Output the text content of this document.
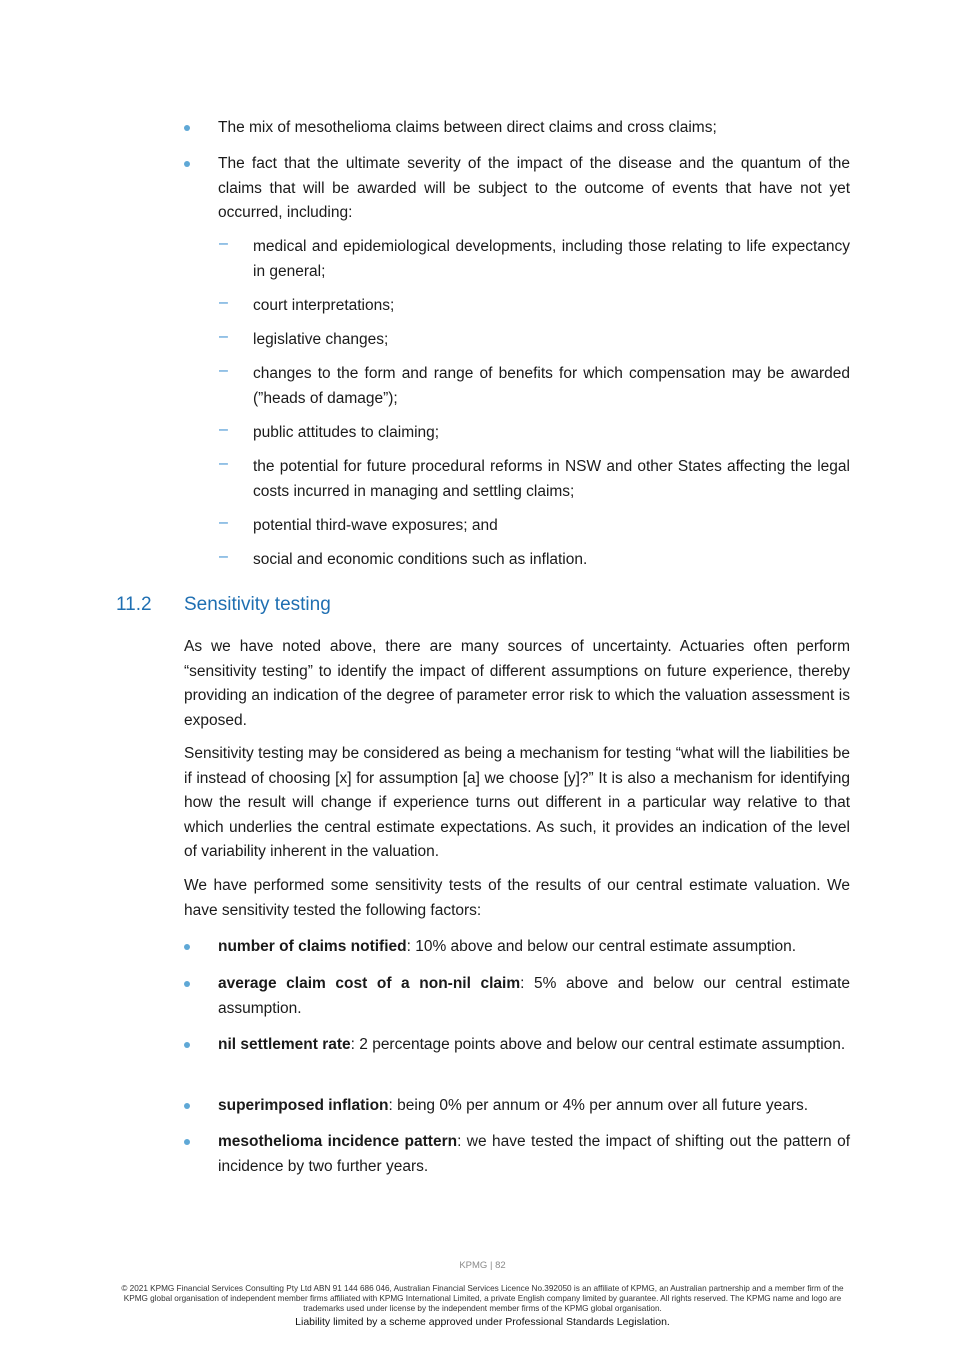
The mix of mesothelioma claims between direct claims and cross claims;

The fact that the ultimate severity of the impact of the disease and the quantum of the claims that will be awarded will be subject to the outcome of events that have not yet occurred, including:

– medical and epidemiological developments, including those relating to life expectancy in general;

– court interpretations;

– legislative changes;

– changes to the form and range of benefits for which compensation may be awarded (”heads of damage”);

– public attitudes to claiming;

– the potential for future procedural reforms in NSW and other States affecting the legal costs incurred in managing and settling claims;

– potential third-wave exposures; and

– social and economic conditions such as inflation.

11.2 Sensitivity testing

As we have noted above, there are many sources of uncertainty. Actuaries often perform “sensitivity testing” to identify the impact of different assumptions on future experience, thereby providing an indication of the degree of parameter error risk to which the valuation assessment is exposed.

Sensitivity testing may be considered as being a mechanism for testing “what will the liabilities be if instead of choosing [x] for assumption [a] we choose [y]?” It is also a mechanism for identifying how the result will change if experience turns out different in a particular way relative to that which underlies the central estimate expectations. As such, it provides an indication of the level of variability inherent in the valuation.

We have performed some sensitivity tests of the results of our central estimate valuation. We have sensitivity tested the following factors:

number of claims notified: 10% above and below our central estimate assumption.

average claim cost of a non-nil claim: 5% above and below our central estimate assumption.

nil settlement rate: 2 percentage points above and below our central estimate assumption.

superimposed inflation: being 0% per annum or 4% per annum over all future years.

mesothelioma incidence pattern: we have tested the impact of shifting out the pattern of incidence by two further years.

KPMG | 82
© 2021 KPMG Financial Services Consulting Pty Ltd ABN 91 144 686 046, Australian Financial Services Licence No.392050 is an affiliate of KPMG, an Australian partnership and a member firm of the KPMG global organisation of independent member firms affiliated with KPMG International Limited, a private English company limited by guarantee. All rights reserved. The KPMG name and logo are trademarks used under license by the independent member firms of the KPMG global organisation.
Liability limited by a scheme approved under Professional Standards Legislation.
